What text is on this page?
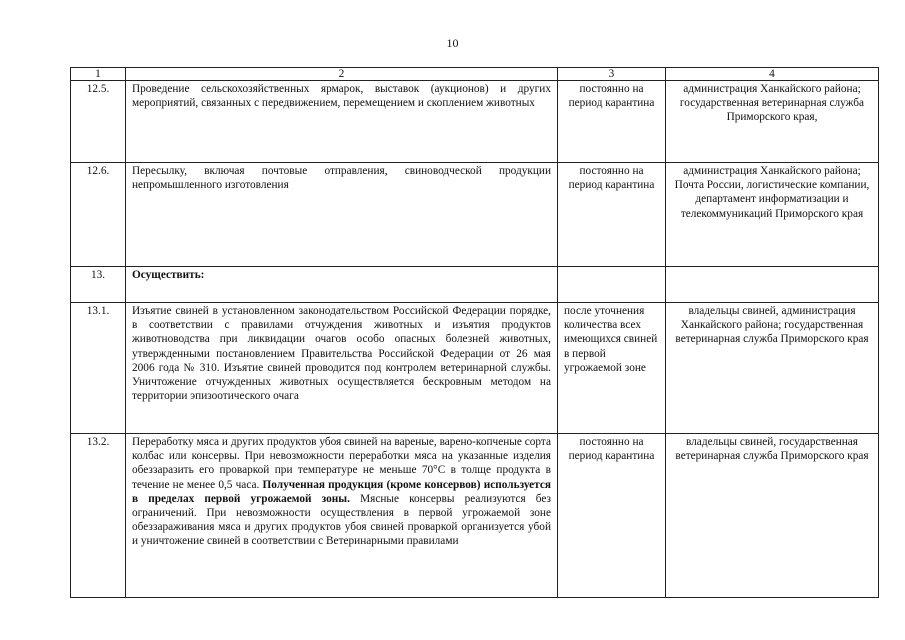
10
1	2	3	4
12.5.	Проведение сельскохозяйственных ярмарок, выставок (аукционов) и других мероприятий, связанных с передвижением, перемещением и скоплением животных	постоянно на период карантина	администрация Ханкайского района; государственная ветеринарная служба Приморского края,
12.6.	Пересылку, включая почтовые отправления, свиноводческой продукции непромышленного изготовления	постоянно на период карантина	администрация Ханкайского района; Почта России, логистические компании, департамент информатизации и телекоммуникаций Приморского края
13.	Осуществить:		
13.1.	Изъятие свиней в установленном законодательством Российской Федерации порядке, в соответствии с правилами отчуждения животных и изъятия продуктов животноводства при ликвидации очагов особо опасных болезней животных, утвержденными постановлением Правительства Российской Федерации от 26 мая 2006 года № 310. Изъятие свиней проводится под контролем ветеринарной службы. Уничтожение отчужденных животных осуществляется бескровным методом на территории эпизоотического очага	после уточнения количества всех имеющихся свиней в первой угрожаемой зоне	владельцы свиней, администрация Ханкайского района; государственная ветеринарная служба Приморского края
13.2.	Переработку мяса и других продуктов убоя свиней на вареные, варено-копченые сорта колбас или консервы. При невозможности переработки мяса на указанные изделия обеззаразить его проваркой при температуре не меньше 70°С в толще продукта в течение не менее 0,5 часа. Полученная продукция (кроме консервов) используется в пределах первой угрожаемой зоны. Мясные консервы реализуются без ограничений. При невозможности осуществления в первой угрожаемой зоне обеззараживания мяса и других продуктов убоя свиней проваркой организуется убой и уничтожение свиней в соответствии с Ветеринарными правилами	постоянно на период карантина	владельцы свиней, государственная ветеринарная служба Приморского края
